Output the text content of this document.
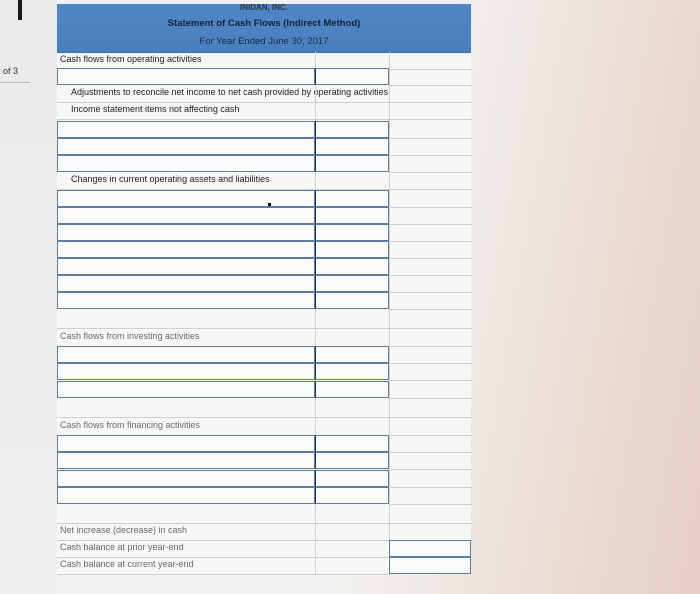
of 3
INIDAN, INC.
Statement of Cash Flows (Indirect Method)
For Year Ended June 30, 2017
Cash flows from operating activities
Adjustments to reconcile net income to net cash provided by operating activities
Income statement items not affecting cash
Changes in current operating assets and liabilities
Cash flows from investing activities
Cash flows from financing activities
Net increase (decrease) in cash
Cash balance at prior year-end
Cash balance at current year-end
